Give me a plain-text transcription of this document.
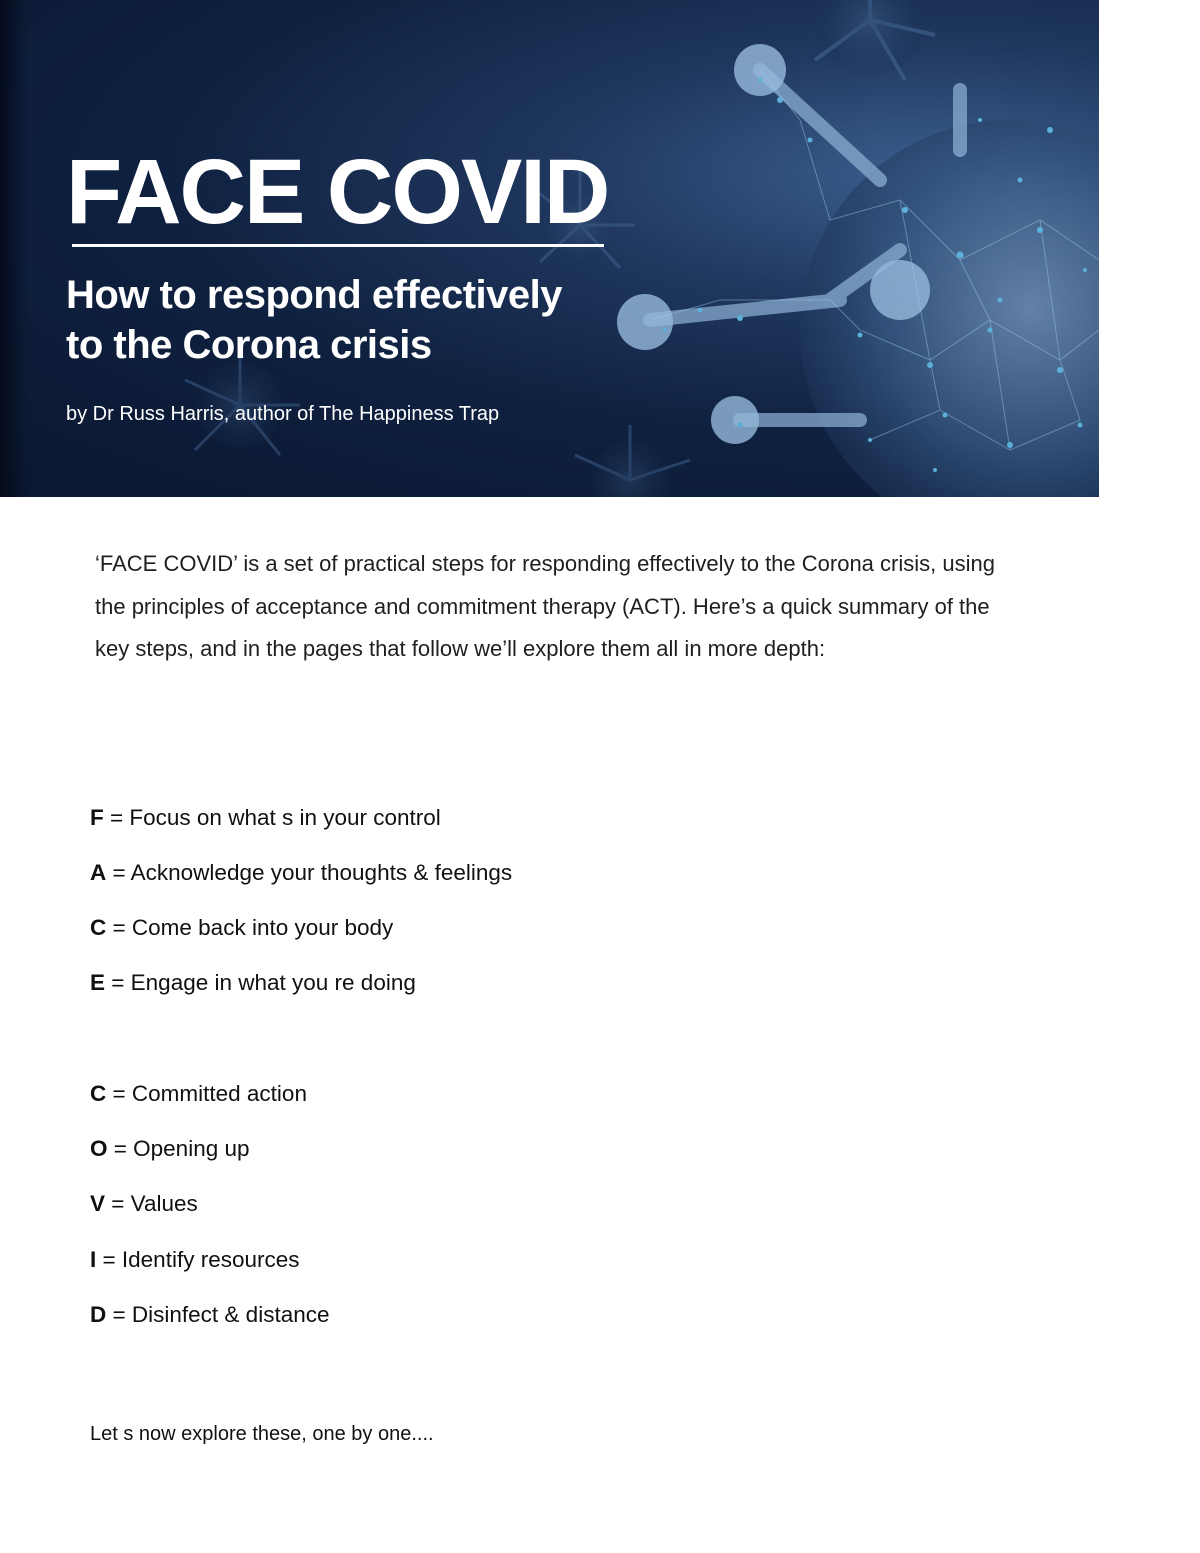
FACE COVID
How to respond effectively
to the Corona crisis
by Dr Russ Harris, author of The Happiness Trap

‘FACE COVID’ is a set of practical steps for responding effectively to the Corona crisis, using the principles of acceptance and commitment therapy (ACT). Here’s a quick summary of the key steps, and in the pages that follow we’ll explore them all in more depth:

F = Focus on what s in your control
A = Acknowledge your thoughts & feelings
C = Come back into your body
E = Engage in what you re doing
C = Committed action
O = Opening up
V = Values
I = Identify resources
D = Disinfect & distance
Let s now explore these, one by one....
